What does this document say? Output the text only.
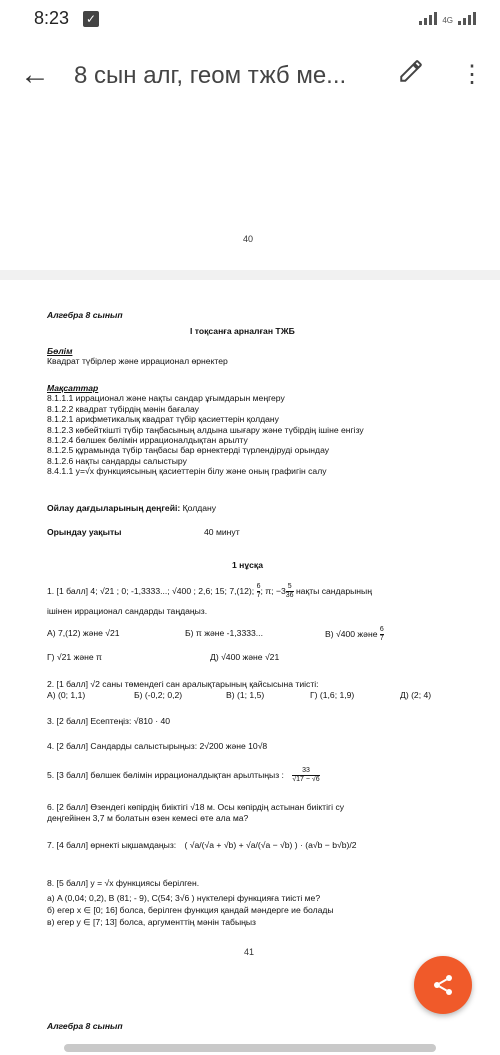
8:23 ✓	4G
← 8 сын алг, геом тжб ме...	⋮
40
Алгебра 8 сынып
І тоқсанға арналған ТЖБ
Бөлім
Квадрат түбірлер және иррационал өрнектер
Мақсаттар
8.1.1.1 иррационал және нақты сандар ұғымдарын меңгеру
8.1.2.2 квадрат түбірдің мәнін бағалау
8.1.2.1 арифметикалық квадрат түбір қасиеттерін қолдану
8.1.2.3 көбейткішті түбір таңбасының алдына шығару және түбірдің ішіне енгізу
8.1.2.4 бөлшек бөлімін иррационалдықтан арылту
8.1.2.5 құрамында түбір таңбасы бар өрнектерді түрлендіруді орындау
8.1.2.6 нақты сандарды салыстыру
8.4.1.1 y=√x функциясының қасиеттерін білу және оның графигін салу
Ойлау дағдыларының деңгейі: Қолдану
Орындау уақыты	40 минут
1 нұсқа
1. [1 балл] 4; √21 ; 0; -1,3333...; √400 ; 2,6; 15; 7,(12); $\frac{6}{7}$; π; $-3 \frac{5}{36}$ нақты сандарының
ішінен иррационал сандарды таңдаңыз.
A) 7,(12) және √21	Б) π және -1,3333...	В) √400 және $\frac{6}{7}$
Г) √21 және π	Д) √400 және √21
2. [1 балл] √2 саны төмендегі сан аралықтарының қайсысына тиісті:
A) (0; 1,1)	Б) (-0,2; 0,2)	В) (1; 1,5)	Г) (1,6; 1,9)	Д) (2; 4)
3. [2 балл] Есептеңіз: √810 · 40
4. [2 балл] Сандарды салыстырыңыз: 2√200 және 10√8
5. [3 балл] бөлшек бөлімін иррационалдықтан арылтыңыз : $\frac{33}{√17 - √6}$
6. [2 балл] Өзендегі көпірдің биіктігі √18 м. Осы көпірдің астынан биіктігі су
деңгейінен 3,7 м болатын өзен кемесі өте ала ма?
7. [4 балл] өрнекті ықшамдаңыз: ( √a/(√a + √b) + √a/(√a − √b) ) · (a√b − b√b)/2
8. [5 балл] y = √x функциясы берілген.
а) A (0,04; 0,2), B (81; - 9), C(54; 3√6 ) нүктелері функцияға тиісті ме?
б) егер x ∈ [0; 16] болса, берілген функция қандай мәндерге ие болады
в) егер y ∈ [7; 13] болса, аргументтің мәнін табыңыз
41
Алгебра 8 сынып
